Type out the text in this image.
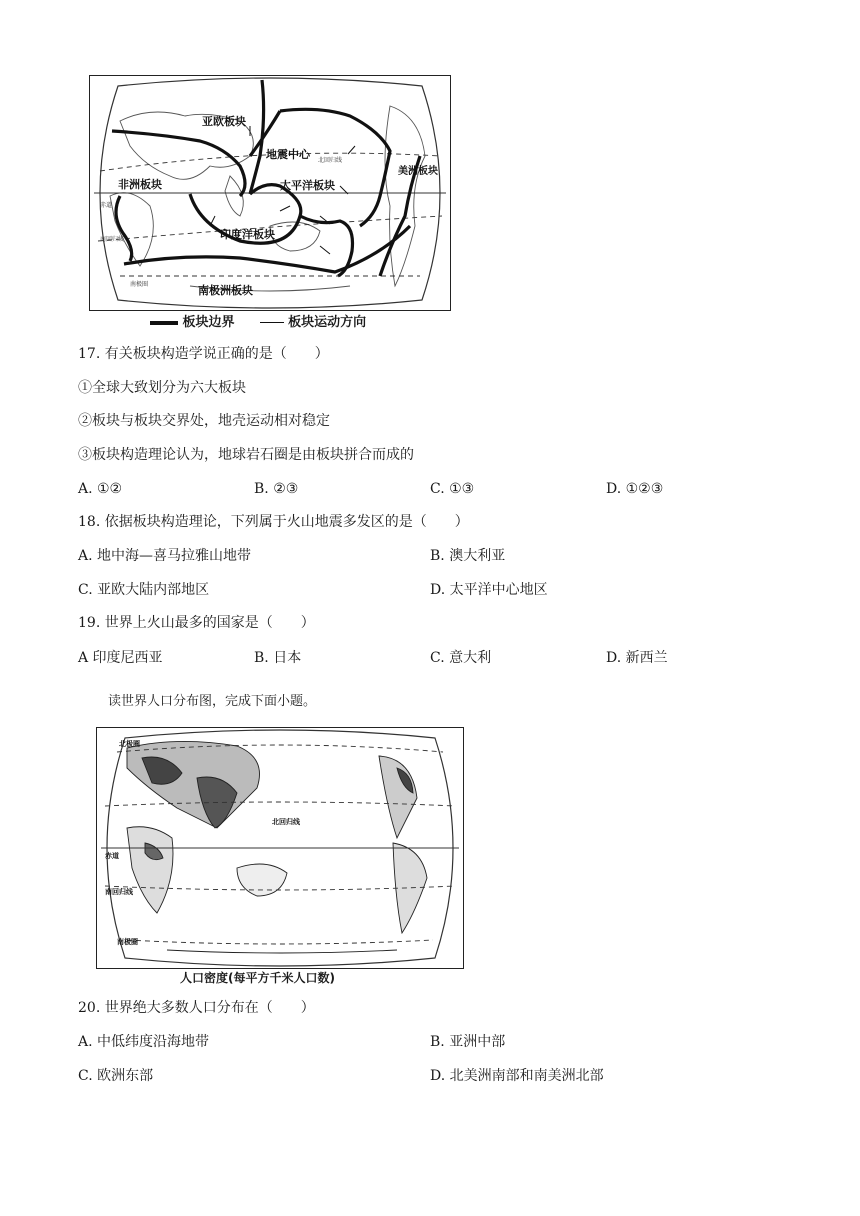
亚欧板块
非洲板块
印度洋板块
太平洋板块
美洲板块
南极洲板块
地震中心 北回归线
赤道
南回归线
南极圈
板块边界	板块运动方向
17. 有关板块构造学说正确的是（　　）
①全球大致划分为六大板块
②板块与板块交界处，地壳运动相对稳定
③板块构造理论认为，地球岩石圈是由板块拼合而成的
A. ①②	B. ②③	C. ①③	D. ①②③
18. 依据板块构造理论，下列属于火山地震多发区的是（　　）
A. 地中海—喜马拉雅山地带	B. 澳大利亚
C. 亚欧大陆内部地区	D. 太平洋中心地区
19. 世界上火山最多的国家是（　　）
A 印度尼西亚	B. 日本	C. 意大利	D. 新西兰
读世界人口分布图，完成下面小题。
北极圈
北回归线
赤道
南回归线
南极圈
人口密度(每平方千米人口数)
20. 世界绝大多数人口分布在（　　）
A. 中低纬度沿海地带	B. 亚洲中部
C. 欧洲东部	D. 北美洲南部和南美洲北部
